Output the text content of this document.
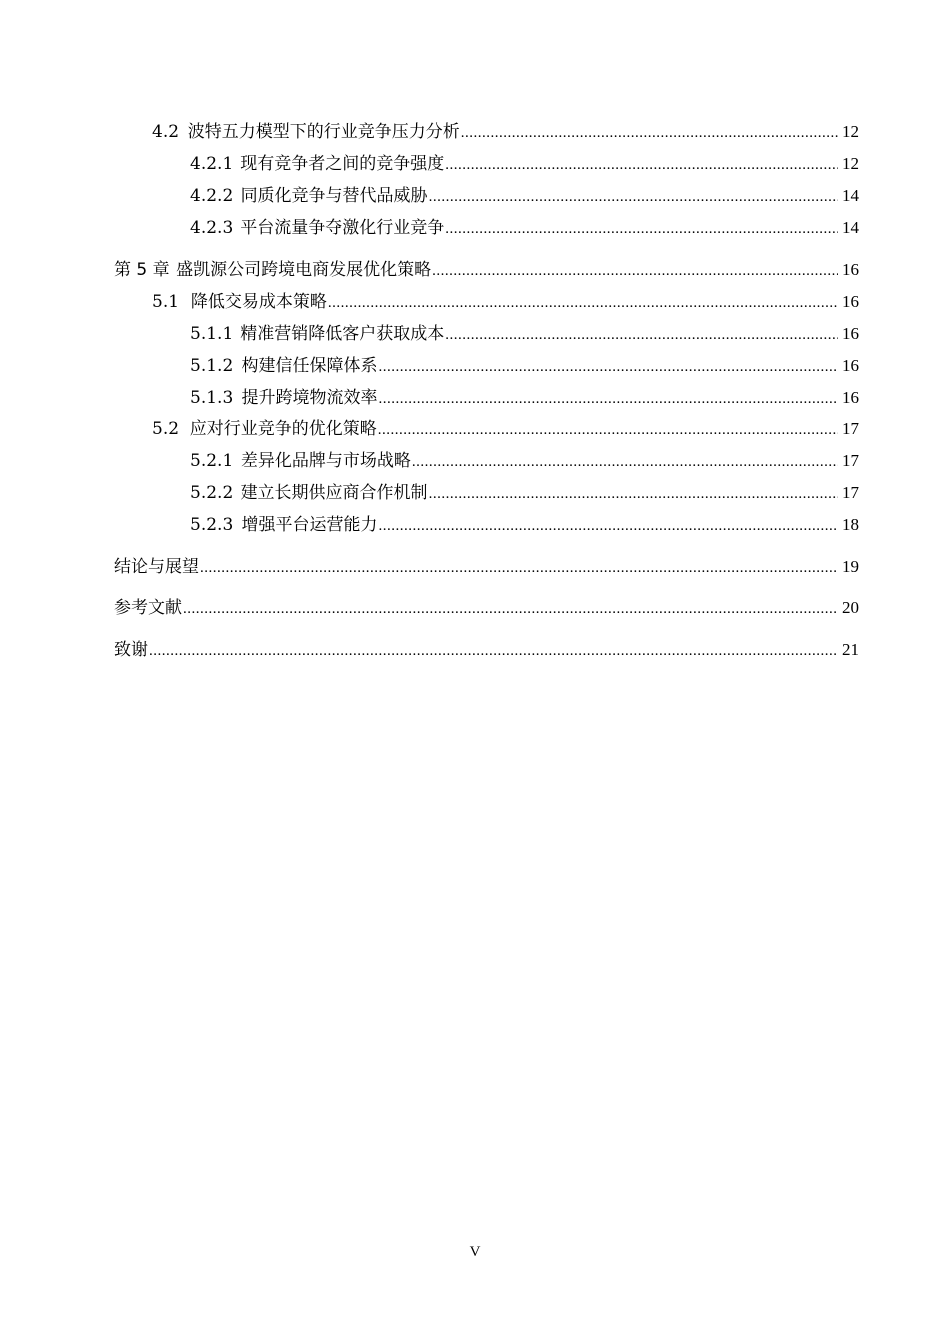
4.2 波特五力模型下的行业竞争压力分析 .....	12
4.2.1 现有竞争者之间的竞争强度 .....	12
4.2.2 同质化竞争与替代品威胁 .....	14
4.2.3 平台流量争夺激化行业竞争 .....	14
第 5 章 盛凯源公司跨境电商发展优化策略 .....	16
5.1 降低交易成本策略 .....	16
5.1.1 精准营销降低客户获取成本 .....	16
5.1.2 构建信任保障体系 .....	16
5.1.3 提升跨境物流效率 .....	16
5.2 应对行业竞争的优化策略 .....	17
5.2.1 差异化品牌与市场战略 .....	17
5.2.2 建立长期供应商合作机制 .....	17
5.2.3 增强平台运营能力 .....	18
结论与展望 .....	19
参考文献 .....	20
致谢 .....	21
V
